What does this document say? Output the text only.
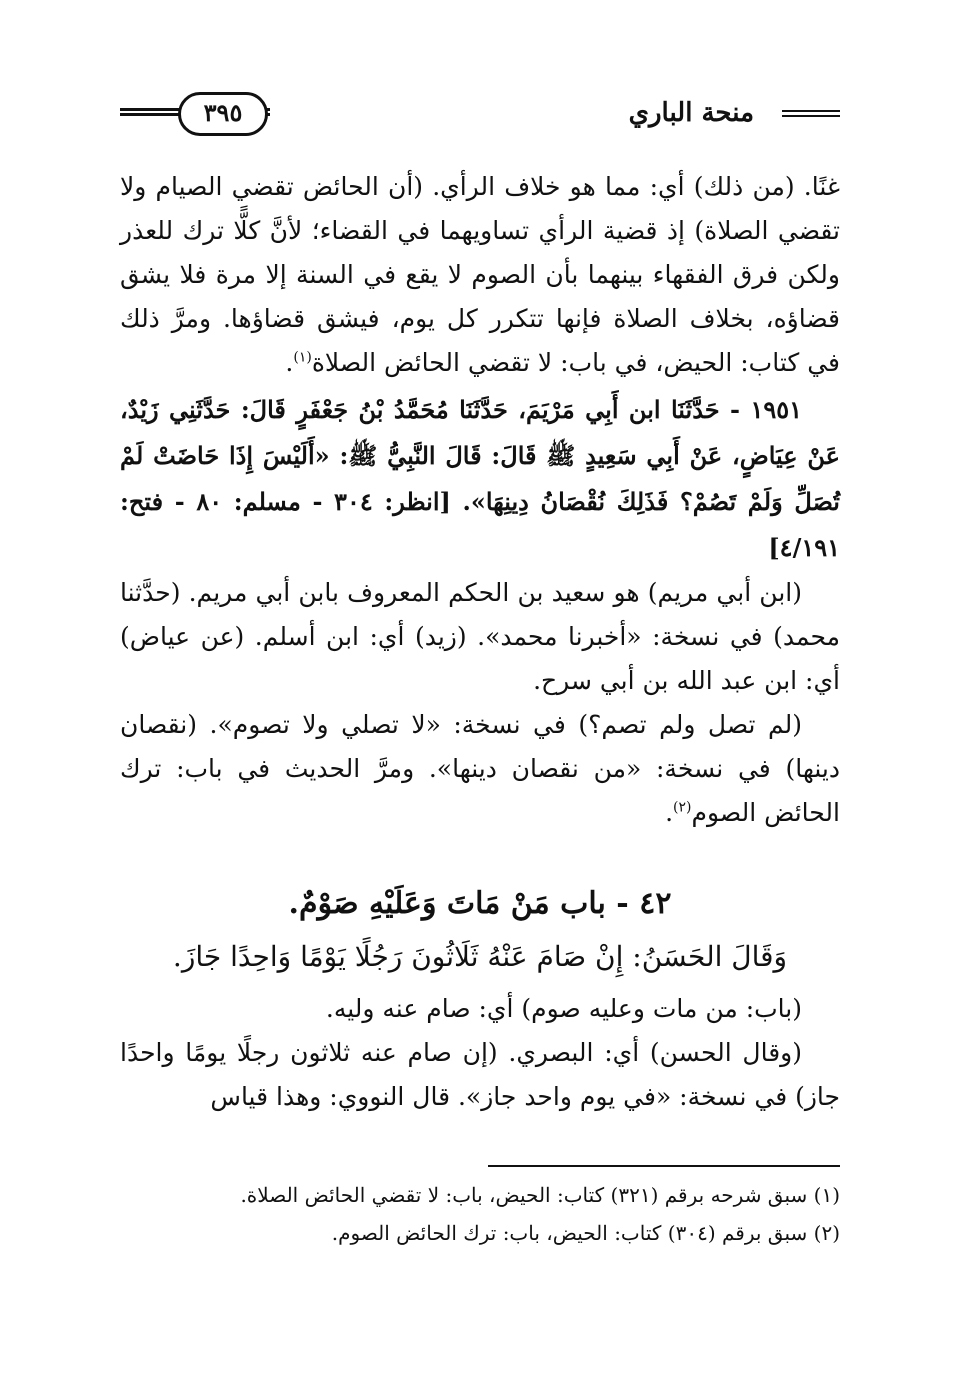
منحة الباري
٣٩٥

غنًا. (من ذلك) أي: مما هو خلاف الرأي. (أن الحائض تقضي الصيام ولا تقضي الصلاة) إذ قضية الرأي تساويهما في القضاء؛ لأنَّ كلًّا ترك للعذر ولكن فرق الفقهاء بينهما بأن الصوم لا يقع في السنة إلا مرة فلا يشق قضاؤه، بخلاف الصلاة فإنها تتكرر كل يوم، فيشق قضاؤها. ومرَّ ذلك في كتاب: الحيض، في باب: لا تقضي الحائض الصلاة$^{(١)}$.

١٩٥١ - حَدَّثَنَا ابن أَبِي مَرْيَمَ، حَدَّثَنَا مُحَمَّدُ بْنُ جَعْفَرٍ قَالَ: حَدَّثَنِي زَيْدٌ، عَنْ عِيَاضٍ، عَنْ أَبِي سَعِيدٍ ﷺ قَالَ: قَالَ النَّبِيُّ ﷺ: «أَلَيْسَ إِذَا حَاضَتْ لَمْ تُصَلِّ وَلَمْ تَصُمْ؟ فَذَلِكَ نُقْصَانُ دِينِهَا». [انظر: ٣٠٤ - مسلم: ٨٠ - فتح: ٤/١٩١]

(ابن أبي مريم) هو سعيد بن الحكم المعروف بابن أبي مريم. (حدَّثنا محمد) في نسخة: «أخبرنا محمد». (زيد) أي: ابن أسلم. (عن عياض) أي: ابن عبد الله بن أبي سرح.

(لم تصل ولم تصم؟) في نسخة: «لا تصلي ولا تصوم». (نقصان دينها) في نسخة: «من نقصان دينها». ومرَّ الحديث في باب: ترك الحائض الصوم$^{(٢)}$.

٤٢ - باب مَنْ مَاتَ وَعَلَيْهِ صَوْمٌ.

وَقَالَ الحَسَنُ: إِنْ صَامَ عَنْهُ ثَلَاثُونَ رَجُلًا يَوْمًا وَاحِدًا جَازَ.

(باب: من مات وعليه صوم) أي: صام عنه وليه.

(وقال الحسن) أي: البصري. (إن صام عنه ثلاثون رجلًا يومًا واحدًا جاز) في نسخة: «في يوم واحد جاز». قال النووي: وهذا قياس

(١) سبق شرحه برقم (٣٢١) كتاب: الحيض، باب: لا تقضي الحائض الصلاة.

(٢) سبق برقم (٣٠٤) كتاب: الحيض، باب: ترك الحائض الصوم.
